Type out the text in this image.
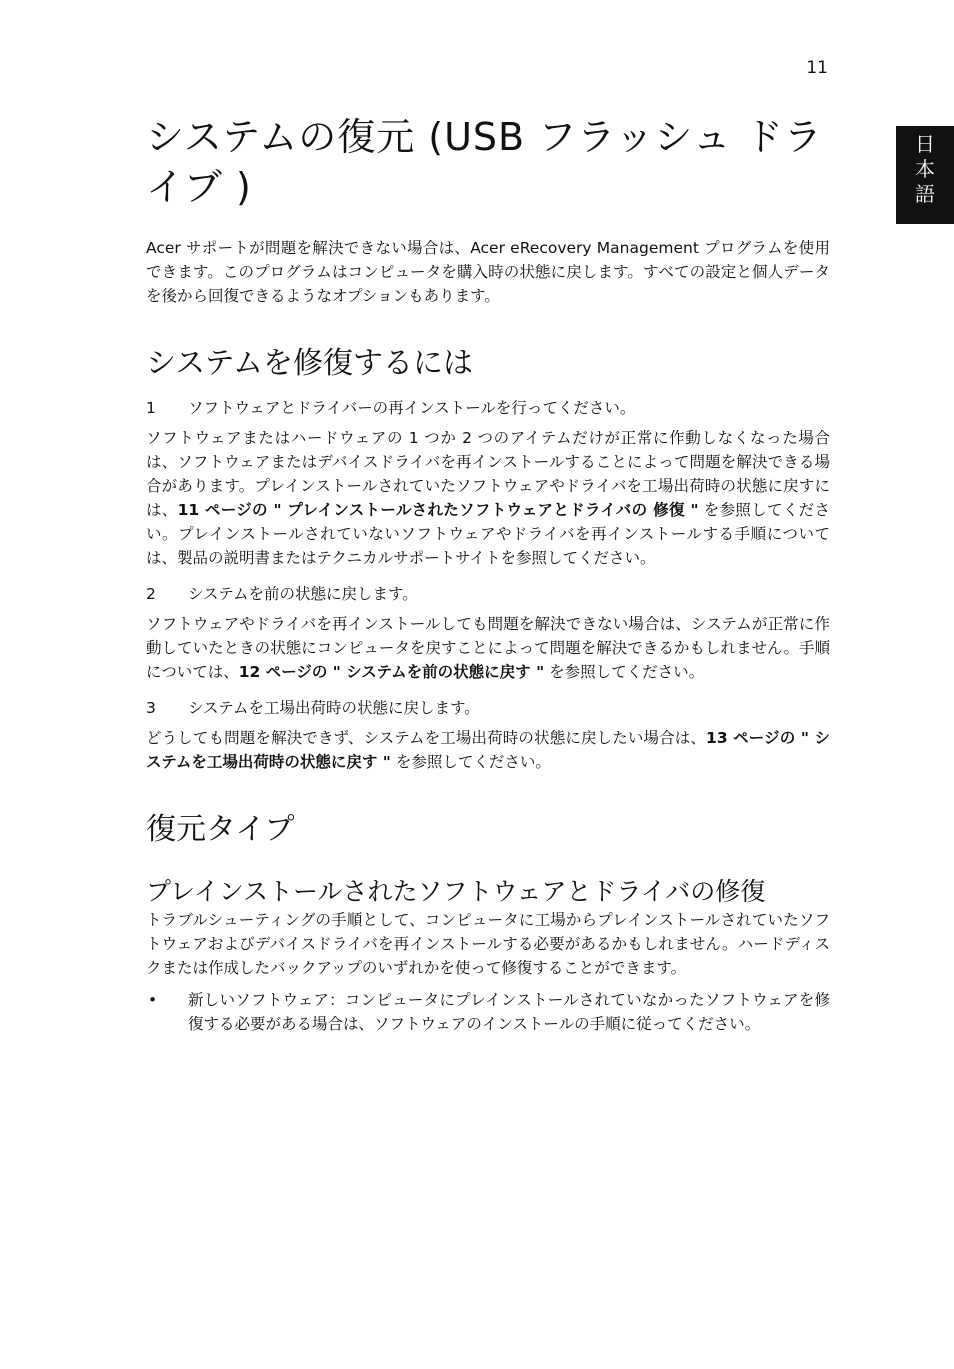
11
日
本
語
システムの復元 (USB フラッシュ ドライブ )

Acer サポートが問題を解決できない場合は、Acer eRecovery Management プログラムを使用できます。このプログラムはコンピュータを購入時の状態に戻します。すべての設定と個人データを後から回復できるようなオプションもあります。

システムを修復するには
1	ソフトウェアとドライバーの再インストールを行ってください。

ソフトウェアまたはハードウェアの 1 つか 2 つのアイテムだけが正常に作動しなくなった場合は、ソフトウェアまたはデバイスドライバを再インストールすることによって問題を解決できる場合があります。プレインストールされていたソフトウェアやドライバを工場出荷時の状態に戻すには、11 ページの " プレインストールされたソフトウェアとドライバの 修復 " を参照してください。プレインストールされていないソフトウェアやドライバを再インストールする手順については、製品の説明書またはテクニカルサポートサイトを参照してください。

2	システムを前の状態に戻します。

ソフトウェアやドライバを再インストールしても問題を解決できない場合は、システムが正常に作動していたときの状態にコンピュータを戻すことによって問題を解決できるかもしれません。手順については、12 ページの " システムを前の状態に戻す " を参照してください。

3	システムを工場出荷時の状態に戻します。

どうしても問題を解決できず、システムを工場出荷時の状態に戻したい場合は、13 ページの " システムを工場出荷時の状態に戻す " を参照してください。

復元タイプ
プレインストールされたソフトウェアとドライバの修復

トラブルシューティングの手順として、コンピュータに工場からプレインストールされていたソフトウェアおよびデバイスドライバを再インストールする必要があるかもしれません。ハードディスクまたは作成したバックアップのいずれかを使って修復することができます。

•	新しいソフトウェア：コンピュータにプレインストールされていなかったソフトウェアを修復する必要がある場合は、ソフトウェアのインストールの手順に従ってください。
